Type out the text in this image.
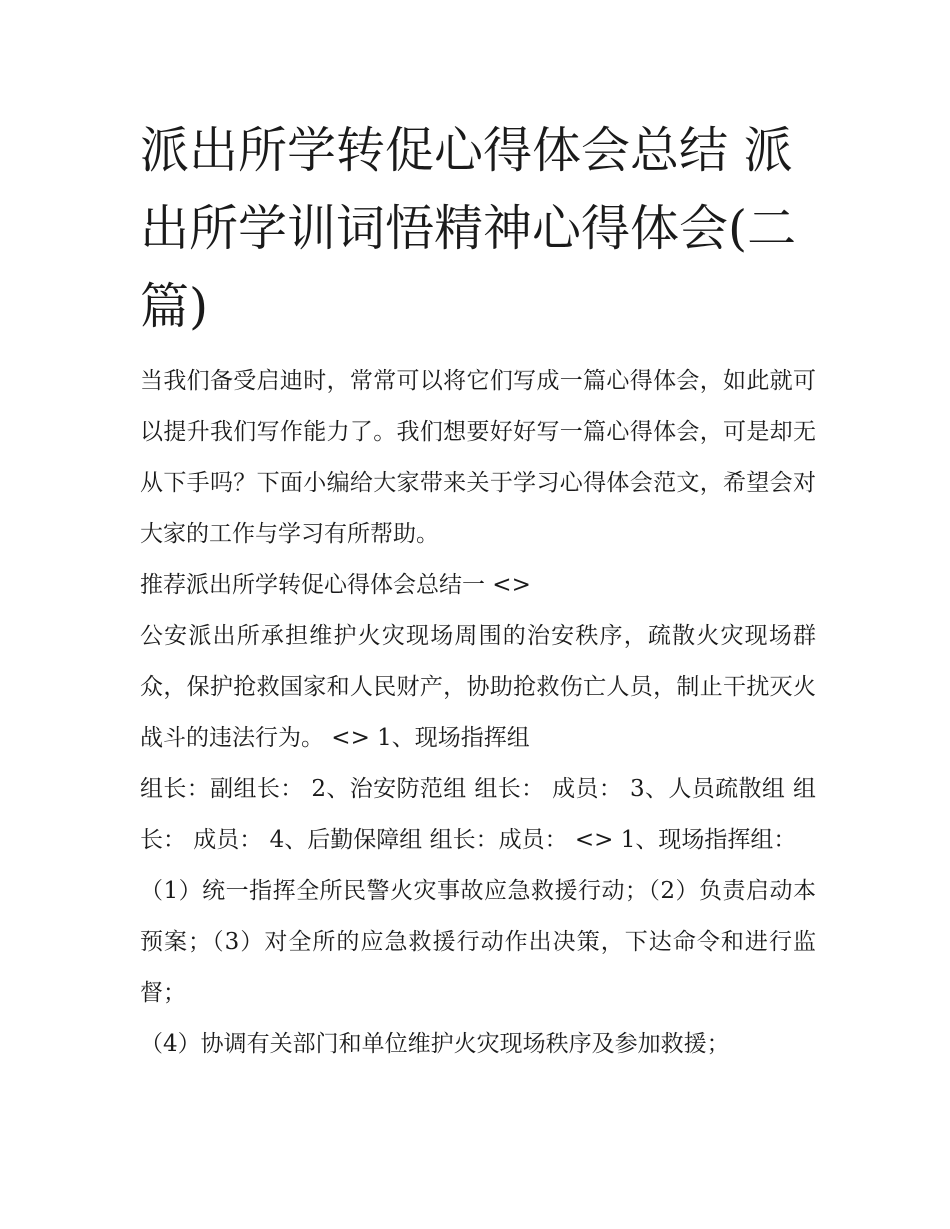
派出所学转促心得体会总结 派出所学训词悟精神心得体会(二篇)

当我们备受启迪时，常常可以将它们写成一篇心得体会，如此就可以提升我们写作能力了。我们想要好好写一篇心得体会，可是却无从下手吗？下面小编给大家带来关于学习心得体会范文，希望会对大家的工作与学习有所帮助。

推荐派出所学转促心得体会总结一 <>

公安派出所承担维护火灾现场周围的治安秩序，疏散火灾现场群众，保护抢救国家和人民财产，协助抢救伤亡人员，制止干扰灭火战斗的违法行为。 <> 1、现场指挥组

组长：副组长： 2、治安防范组 组长： 成员： 3、人员疏散组 组长： 成员： 4、后勤保障组 组长：成员： <> 1、现场指挥组：

（1）统一指挥全所民警火灾事故应急救援行动；（2）负责启动本预案；（3）对全所的应急救援行动作出决策，下达命令和进行监督；

（4）协调有关部门和单位维护火灾现场秩序及参加救援；
